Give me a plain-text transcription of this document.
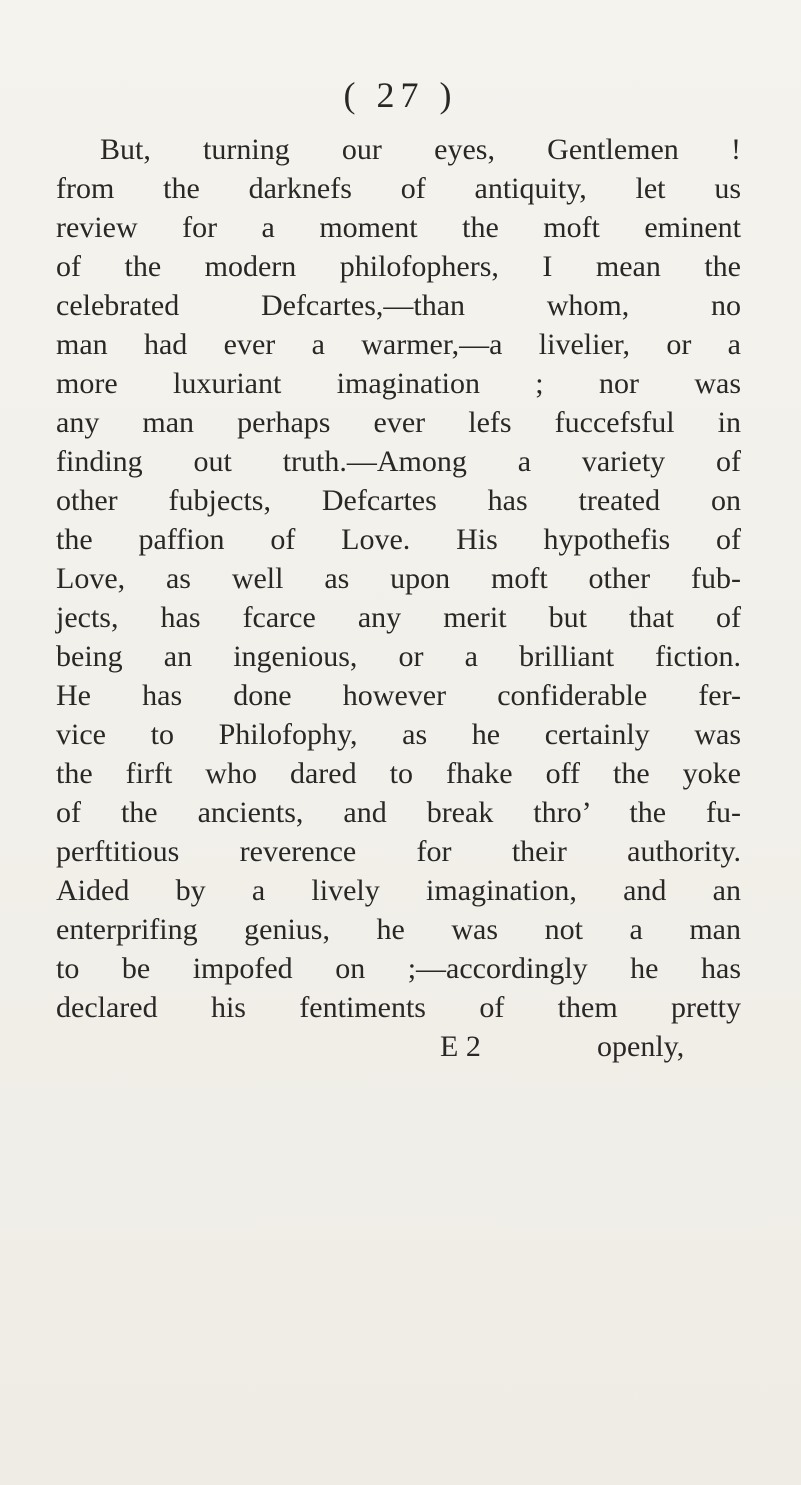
( 27 )
But, turning our eyes, Gentlemen !
from the darknefs of antiquity, let us
review for a moment the moft eminent
of the modern philofophers, I mean the
celebrated Defcartes,—than whom, no
man had ever a warmer,—a livelier, or a
more luxuriant imagination ; nor was
any man perhaps ever lefs fuccefsful in
finding out truth.—Among a variety of
other fubjects, Defcartes has treated on
the paffion of Love. His hypothefis of
Love, as well as upon moft other fub-
jects, has fcarce any merit but that of
being an ingenious, or a brilliant fiction.
He has done however confiderable fer-
vice to Philofophy, as he certainly was
the firft who dared to fhake off the yoke
of the ancients, and break thro’ the fu-
perftitious reverence for their authority.
Aided by a lively imagination, and an
enterprifing genius, he was not a man
to be impofed on ;—accordingly he has
declared his fentiments of them pretty
E 2	openly,
